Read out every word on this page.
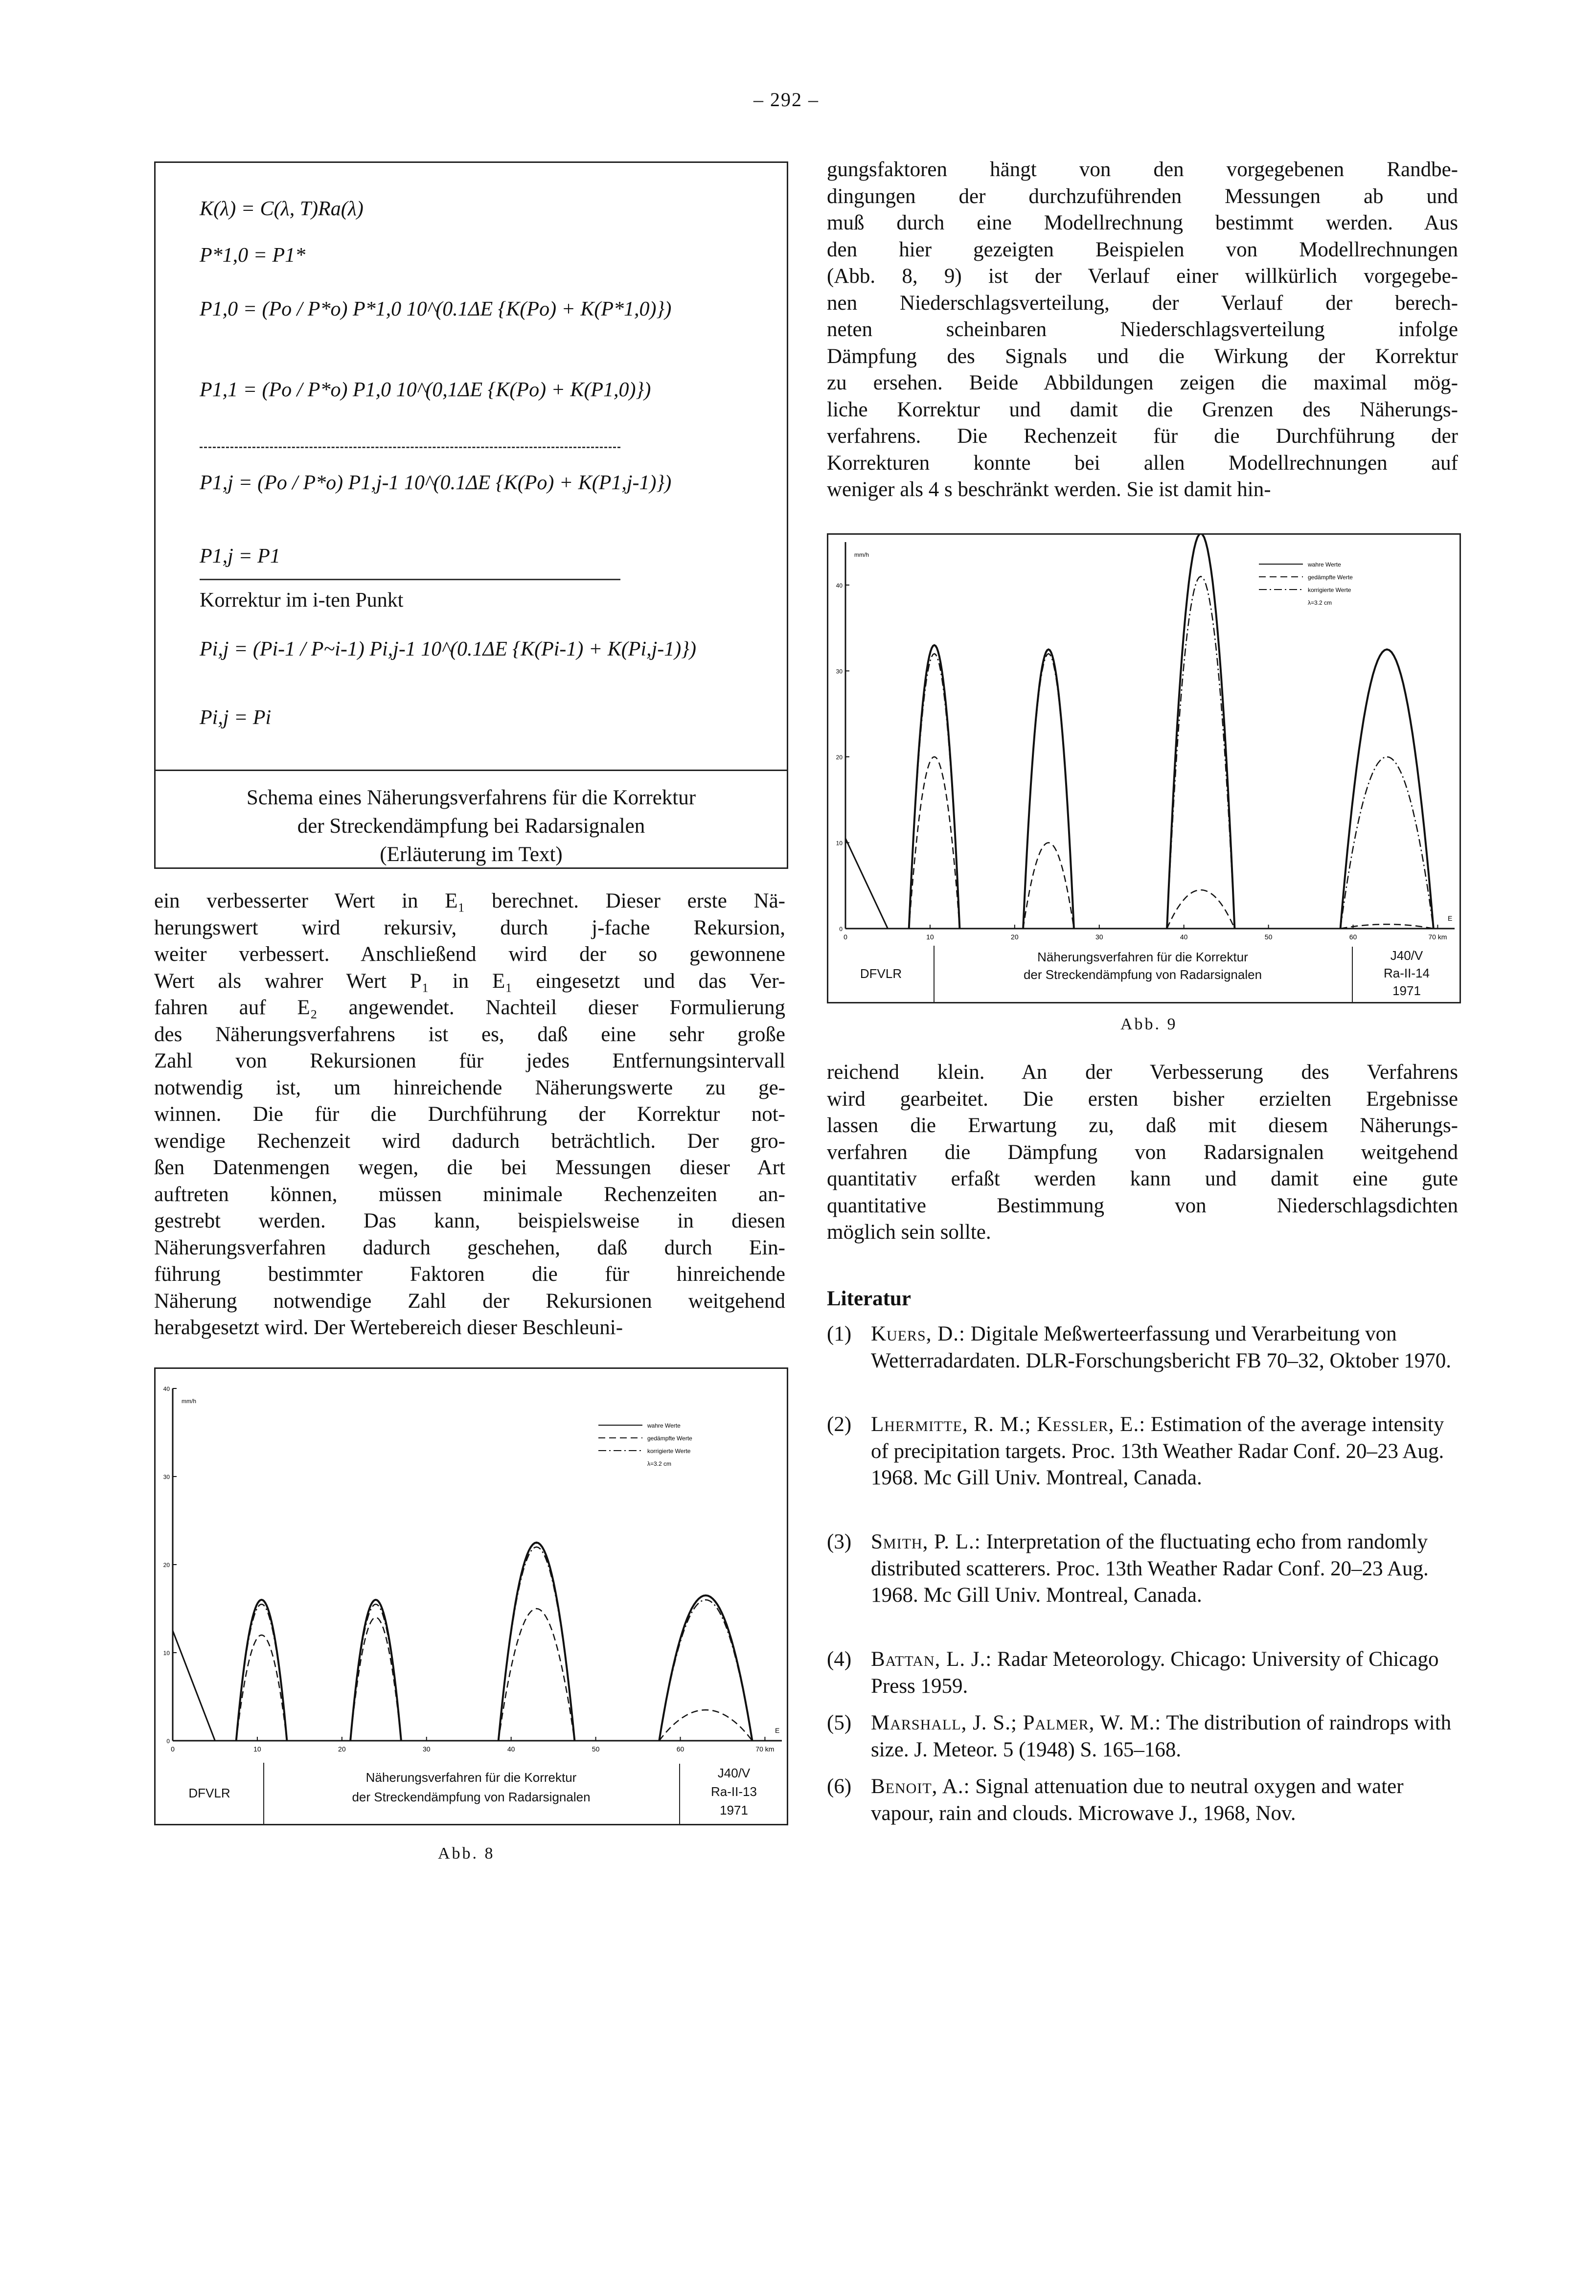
– 292 –
K(λ) = C(λ, T)Ra(λ)
P*1,0 = P1*
P1,0 = (Po / P*o) P*1,0 10^(0.1ΔE {K(Po) + K(P*1,0)})
P1,1 = (Po / P*o) P1,0 10^(0,1ΔE {K(Po) + K(P1,0)})
P1,j = (Po / P*o) P1,j-1 10^(0.1ΔE {K(Po) + K(P1,j-1)})
P1,j = P1
Korrektur im i-ten Punkt
Pi,j = (Pi-1 / P~i-1) Pi,j-1 10^(0.1ΔE {K(Pi-1) + K(Pi,j-1)})
Pi,j = Pi
Schema eines Näherungsverfahrens für die Korrektur
der Streckendämpfung bei Radarsignalen
(Erläuterung im Text)

ein verbesserter Wert in E₁ berechnet. Dieser erste Nä-

herungswert wird rekursiv, durch j-fache Rekursion,

weiter verbessert. Anschließend wird der so gewonnene

Wert als wahrer Wert P₁ in E₁ eingesetzt und das Ver-

fahren auf E₂ angewendet. Nachteil dieser Formulierung

des Näherungsverfahrens ist es, daß eine sehr große

Zahl von Rekursionen für jedes Entfernungsintervall

notwendig ist, um hinreichende Näherungswerte zu ge-

winnen. Die für die Durchführung der Korrektur not-

wendige Rechenzeit wird dadurch beträchtlich. Der gro-

ßen Datenmengen wegen, die bei Messungen dieser Art

auftreten können, müssen minimale Rechenzeiten an-

gestrebt werden. Das kann, beispielsweise in diesen

Näherungsverfahren dadurch geschehen, daß durch Ein-

führung bestimmter Faktoren die für hinreichende

Näherung notwendige Zahl der Rekursionen weitgehend

herabgesetzt wird. Der Wertebereich dieser Beschleuni-

gungsfaktoren hängt von den vorgegebenen Randbe-

dingungen der durchzuführenden Messungen ab und

muß durch eine Modellrechnung bestimmt werden. Aus

den hier gezeigten Beispielen von Modellrechnungen

(Abb. 8, 9) ist der Verlauf einer willkürlich vorgegebe-

nen Niederschlagsverteilung, der Verlauf der berech-

neten scheinbaren Niederschlagsverteilung infolge

Dämpfung des Signals und die Wirkung der Korrektur

zu ersehen. Beide Abbildungen zeigen die maximal mög-

liche Korrektur und damit die Grenzen des Näherungs-

verfahrens. Die Rechenzeit für die Durchführung der

Korrekturen konnte bei allen Modellrechnungen auf

weniger als 4 s beschränkt werden. Sie ist damit hin-

0	10	20	30	40	50	60	70 km
0
10
20
30
40
mm/h
E
wahre Werte
gedämpfte Werte
korrigierte Werte
λ=3.2 cm
DFVLR
Näherungsverfahren für die Korrektur
der Streckendämpfung von Radarsignalen
J40/V
Ra-II-14
1971
Abb. 9

reichend klein. An der Verbesserung des Verfahrens

wird gearbeitet. Die ersten bisher erzielten Ergebnisse

lassen die Erwartung zu, daß mit diesem Näherungs-

verfahren die Dämpfung von Radarsignalen weitgehend

quantitativ erfaßt werden kann und damit eine gute

quantitative Bestimmung von Niederschlagsdichten

möglich sein sollte.

Literatur
(1) Kuers, D.: Digitale Meßwerteerfassung und Verarbeitung von Wetterradardaten. DLR-Forschungsbericht FB 70–32, Oktober 1970.
(2) Lhermitte, R. M.; Kessler, E.: Estimation of the average intensity of precipitation targets. Proc. 13th Weather Radar Conf. 20–23 Aug. 1968. Mc Gill Univ. Montreal, Canada.
(3) Smith, P. L.: Interpretation of the fluctuating echo from randomly distributed scatterers. Proc. 13th Weather Radar Conf. 20–23 Aug. 1968. Mc Gill Univ. Montreal, Canada.
(4) Battan, L. J.: Radar Meteorology. Chicago: University of Chicago Press 1959.
(5) Marshall, J. S.; Palmer, W. M.: The distribution of raindrops with size. J. Meteor. 5 (1948) S. 165–168.
(6) Benoit, A.: Signal attenuation due to neutral oxygen and water vapour, rain and clouds. Microwave J., 1968, Nov.
0	10	20	30	40	50	60	70 km
0
10
20
30
40
mm/h
E
wahre Werte
gedämpfte Werte
korrigierte Werte
λ=3.2 cm
DFVLR
Näherungsverfahren für die Korrektur
der Streckendämpfung von Radarsignalen
J40/V
Ra-II-13
1971
Abb. 8
